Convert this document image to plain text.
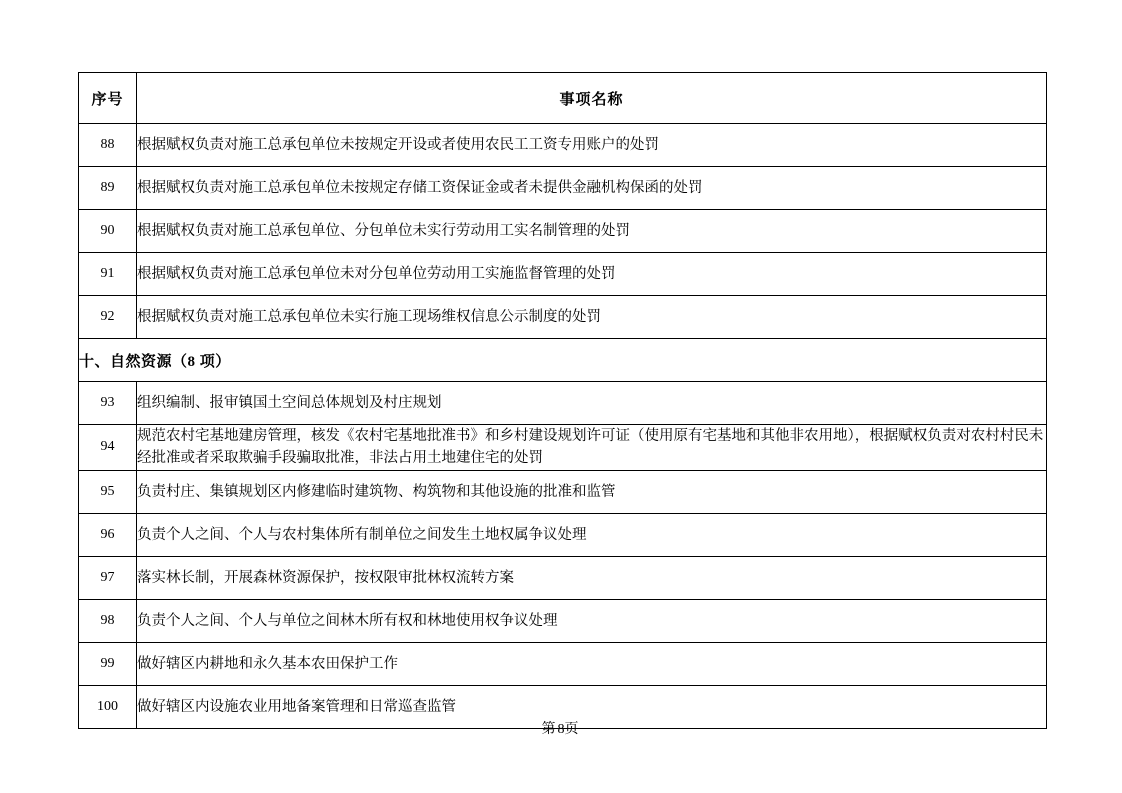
序号	事项名称
88	根据赋权负责对施工总承包单位未按规定开设或者使用农民工工资专用账户的处罚
89	根据赋权负责对施工总承包单位未按规定存储工资保证金或者未提供金融机构保函的处罚
90	根据赋权负责对施工总承包单位、分包单位未实行劳动用工实名制管理的处罚
91	根据赋权负责对施工总承包单位未对分包单位劳动用工实施监督管理的处罚
92	根据赋权负责对施工总承包单位未实行施工现场维权信息公示制度的处罚
十、自然资源（8 项）	
93	组织编制、报审镇国土空间总体规划及村庄规划
94	规范农村宅基地建房管理，核发《农村宅基地批准书》和乡村建设规划许可证（使用原有宅基地和其他非农用地），根据赋权负责对农村村民未经批准或者采取欺骗手段骗取批准，非法占用土地建住宅的处罚
95	负责村庄、集镇规划区内修建临时建筑物、构筑物和其他设施的批准和监管
96	负责个人之间、个人与农村集体所有制单位之间发生土地权属争议处理
97	落实林长制，开展森林资源保护，按权限审批林权流转方案
98	负责个人之间、个人与单位之间林木所有权和林地使用权争议处理
99	做好辖区内耕地和永久基本农田保护工作
100	做好辖区内设施农业用地备案管理和日常巡查监管
第8页
